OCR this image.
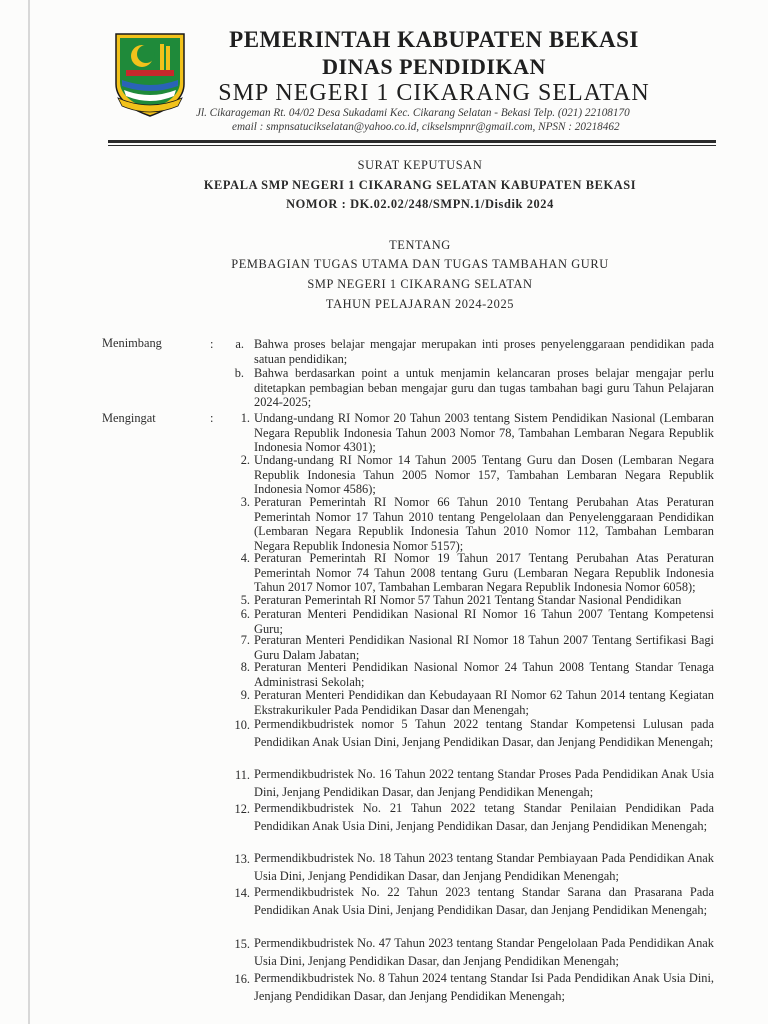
PEMERINTAH KABUPATEN BEKASI
DINAS PENDIDIKAN
SMP NEGERI 1 CIKARANG SELATAN
Jl. Cikarageman Rt. 04/02 Desa Sukadami Kec. Cikarang Selatan - Bekasi Telp. (021) 22108170
email : smpnsatucikselatan@yahoo.co.id, cikselsmpnr@gmail.com, NPSN : 20218462
SURAT KEPUTUSAN
KEPALA SMP NEGERI 1 CIKARANG SELATAN KABUPATEN BEKASI
NOMOR : DK.02.02/248/SMPN.1/Disdik 2024
TENTANG
PEMBAGIAN TUGAS UTAMA DAN TUGAS TAMBAHAN GURU
SMP NEGERI 1 CIKARANG SELATAN
TAHUN PELAJARAN 2024-2025
Menimbang	:	a. Bahwa proses belajar mengajar merupakan inti proses penyelenggaraan pendidikan pada satuan pendidikan;
b. Bahwa berdasarkan point a untuk menjamin kelancaran proses belajar mengajar perlu ditetapkan pembagian beban mengajar guru dan tugas tambahan bagi guru Tahun Pelajaran 2024-2025;
Mengingat	:	1. Undang-undang RI Nomor 20 Tahun 2003 tentang Sistem Pendidikan Nasional (Lembaran Negara Republik Indonesia Tahun 2003 Nomor 78, Tambahan Lembaran Negara Republik Indonesia Nomor 4301);
2. Undang-undang RI Nomor 14 Tahun 2005 Tentang Guru dan Dosen (Lembaran Negara Republik Indonesia Tahun 2005 Nomor 157, Tambahan Lembaran Negara Republik Indonesia Nomor 4586);
3. Peraturan Pemerintah RI Nomor 66 Tahun 2010 Tentang Perubahan Atas Peraturan Pemerintah Nomor 17 Tahun 2010 tentang Pengelolaan dan Penyelenggaraan Pendidikan (Lembaran Negara Republik Indonesia Tahun 2010 Nomor 112, Tambahan Lembaran Negara Republik Indonesia Nomor 5157);
4. Peraturan Pemerintah RI Nomor 19 Tahun 2017 Tentang Perubahan Atas Peraturan Pemerintah Nomor 74 Tahun 2008 tentang Guru (Lembaran Negara Republik Indonesia Tahun 2017 Nomor 107, Tambahan Lembaran Negara Republik Indonesia Nomor 6058);
5. Peraturan Pemerintah RI Nomor 57 Tahun 2021 Tentang Standar Nasional Pendidikan
6. Peraturan Menteri Pendidikan Nasional RI Nomor 16 Tahun 2007 Tentang Kompetensi Guru;
7. Peraturan Menteri Pendidikan Nasional RI Nomor 18 Tahun 2007 Tentang Sertifikasi Bagi Guru Dalam Jabatan;
8. Peraturan Menteri Pendidikan Nasional Nomor 24 Tahun 2008 Tentang Standar Tenaga Administrasi Sekolah;
9. Peraturan Menteri Pendidikan dan Kebudayaan RI Nomor 62 Tahun 2014 tentang Kegiatan Ekstrakurikuler Pada Pendidikan Dasar dan Menengah;
10. Permendikbudristek nomor 5 Tahun 2022 tentang Standar Kompetensi Lulusan pada Pendidikan Anak Usian Dini, Jenjang Pendidikan Dasar, dan Jenjang Pendidikan Menengah;
11. Permendikbudristek No. 16 Tahun 2022 tentang Standar Proses Pada Pendidikan Anak Usia Dini, Jenjang Pendidikan Dasar, dan Jenjang Pendidikan Menengah;
12. Permendikbudristek No. 21 Tahun 2022 tetang Standar Penilaian Pendidikan Pada Pendidikan Anak Usia Dini, Jenjang Pendidikan Dasar, dan Jenjang Pendidikan Menengah;
13. Permendikbudristek No. 18 Tahun 2023 tentang Standar Pembiayaan Pada Pendidikan Anak Usia Dini, Jenjang Pendidikan Dasar, dan Jenjang Pendidikan Menengah;
14. Permendikbudristek No. 22 Tahun 2023 tentang Standar Sarana dan Prasarana Pada Pendidikan Anak Usia Dini, Jenjang Pendidikan Dasar, dan Jenjang Pendidikan Menengah;
15. Permendikbudristek No. 47 Tahun 2023 tentang Standar Pengelolaan Pada Pendidikan Anak Usia Dini, Jenjang Pendidikan Dasar, dan Jenjang Pendidikan Menengah;
16. Permendikbudristek No. 8 Tahun 2024 tentang Standar Isi Pada Pendidikan Anak Usia Dini, Jenjang Pendidikan Dasar, dan Jenjang Pendidikan Menengah;
